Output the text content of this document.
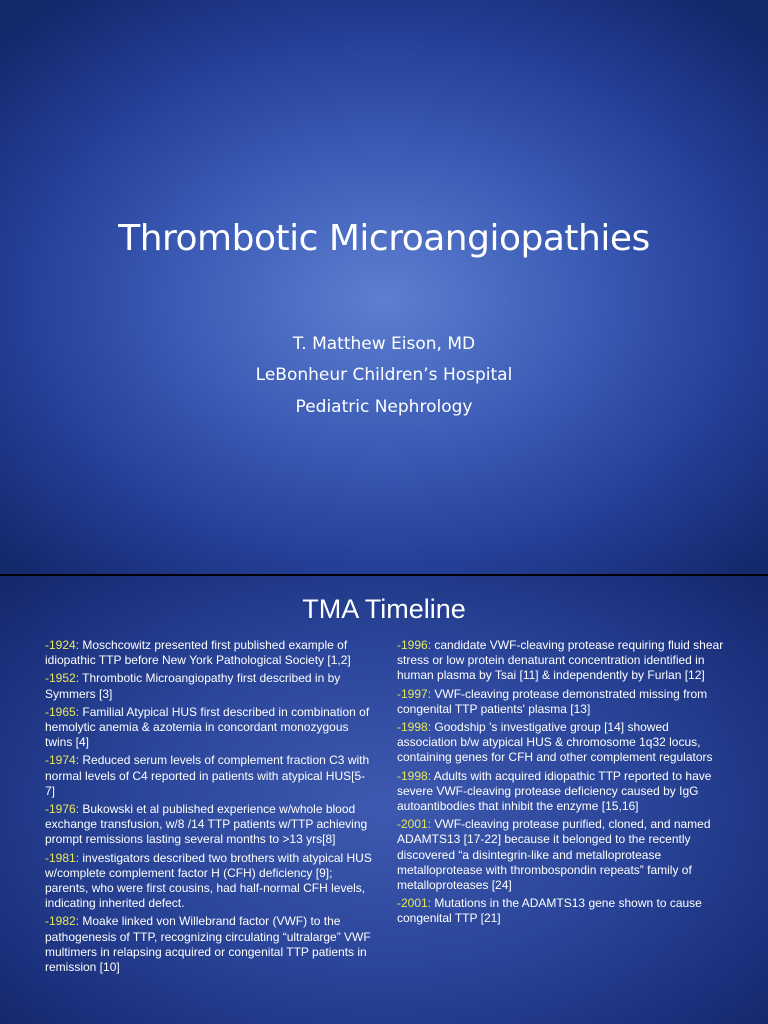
Thrombotic Microangiopathies
T. Matthew Eison, MD
LeBonheur Children’s Hospital
Pediatric Nephrology
TMA Timeline
-1924: Moschcowitz presented first published example of idiopathic TTP before New York Pathological Society [1,2]
-1952: Thrombotic Microangiopathy first described in by Symmers [3]
-1965: Familial Atypical HUS first described in combination of hemolytic anemia & azotemia in concordant monozygous twins [4]
-1974: Reduced serum levels of complement fraction C3 with normal levels of C4 reported in patients with atypical HUS[5-7]
-1976: Bukowski et al published experience w/whole blood exchange transfusion, w/8 /14 TTP patients w/TTP achieving prompt remissions lasting several months to >13 yrs[8]
-1981: investigators described two brothers with atypical HUS w/complete complement factor H (CFH) deficiency [9]; parents, who were first cousins, had half-normal CFH levels, indicating inherited defect.
-1982: Moake linked von Willebrand factor (VWF) to the pathogenesis of TTP, recognizing circulating “ultralarge” VWF multimers in relapsing acquired or congenital TTP patients in remission [10]
-1996: candidate VWF-cleaving protease requiring fluid shear stress or low protein denaturant concentration identified in human plasma by Tsai [11] & independently by Furlan [12]
-1997: VWF-cleaving protease demonstrated missing from congenital TTP patients' plasma [13]
-1998: Goodship 's investigative group [14] showed association b/w atypical HUS & chromosome 1q32 locus, containing genes for CFH and other complement regulators
-1998: Adults with acquired idiopathic TTP reported to have severe VWF-cleaving protease deficiency caused by IgG autoantibodies that inhibit the enzyme [15,16]
-2001: VWF-cleaving protease purified, cloned, and named ADAMTS13 [17-22] because it belonged to the recently discovered “a disintegrin-like and metalloprotease metalloprotease with thrombospondin repeats” family of metalloproteases [24]
-2001: Mutations in the ADAMTS13 gene shown to cause congenital TTP [21]
